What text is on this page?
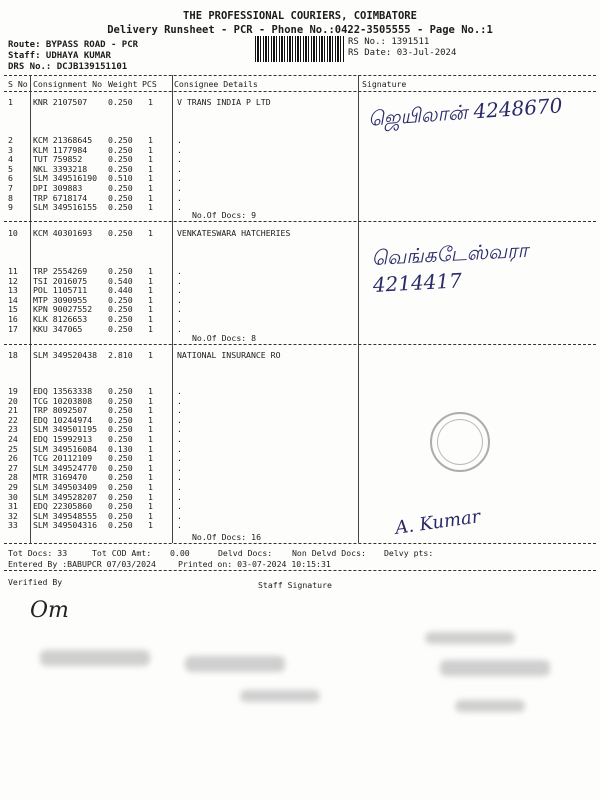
THE PROFESSIONAL COURIERS, COIMBATORE
Delivery Runsheet - PCR - Phone No.:0422-3505555 - Page No.:1
Route: BYPASS ROAD - PCR
Staff: UDHAYA KUMAR
DRS No.: DCJB139151101
RS No.: 1391511
RS Date: 03-Jul-2024
S No Consignment No Weight PCS Consignee Details	Signature
1 KNR 2107507	0.250 1	V TRANS INDIA P LTD
2 KCM 21368645 0.250 1	.
3 KLM 1177984	0.250 1	.
4 TUT 759852	0.250 1	.
5 NKL 3393218	0.250 1	.
6 SLM 349516190 0.510 1	.
7 DPI 309883	0.250 1	.
8 TRP 6718174	0.250 1	.
9 SLM 349516155 0.250 1	.
No.Of Docs: 9
ஜெயிலான் 4248670
10 KCM 40301693 0.250 1	VENKATESWARA HATCHERIES
11 TRP 2554269	0.250 1	.
12 TSI 2016075	0.540 1	.
13 POL 1105711	0.440 1	.
14 MTP 3090955	0.250 1	.
15 KPN 90027552 0.250 1	.
16 KLK 8126653	0.250 1	.
17 KKU 347065	0.250 1	.
No.Of Docs: 8
வெங்கடேஸ்வரா 4214417
18 SLM 349520438 2.810 1	NATIONAL INSURANCE RO
19 EDQ 13563338 0.250 1	.
20 TCG 10203808 0.250 1	.
21 TRP 8092507	0.250 1	.
22 EDQ 10244974 0.250 1	.
23 SLM 349501195 0.250 1	.
24 EDQ 15992913 0.250 1	.
25 SLM 349516084 0.130 1	.
26 TCG 20112109 0.250 1	.
27 SLM 349524770 0.250 1	.
28 MTR 3169470	0.250 1	.
29 SLM 349503409 0.250 1	.
30 SLM 349528207 0.250 1	.
31 EDQ 22305860 0.250 1	.
32 SLM 349548555 0.250 1	.
33 SLM 349504316 0.250 1	.
No.Of Docs: 16	A. Kumar
Tot Docs: 33	Tot COD Amt: 0.00	Delvd Docs: Non Delvd Docs: Delvy pts:
Entered By :BABUPCR 07/03/2024	Printed on: 03-07-2024 10:15:31
Verified By	Staff Signature
Om
